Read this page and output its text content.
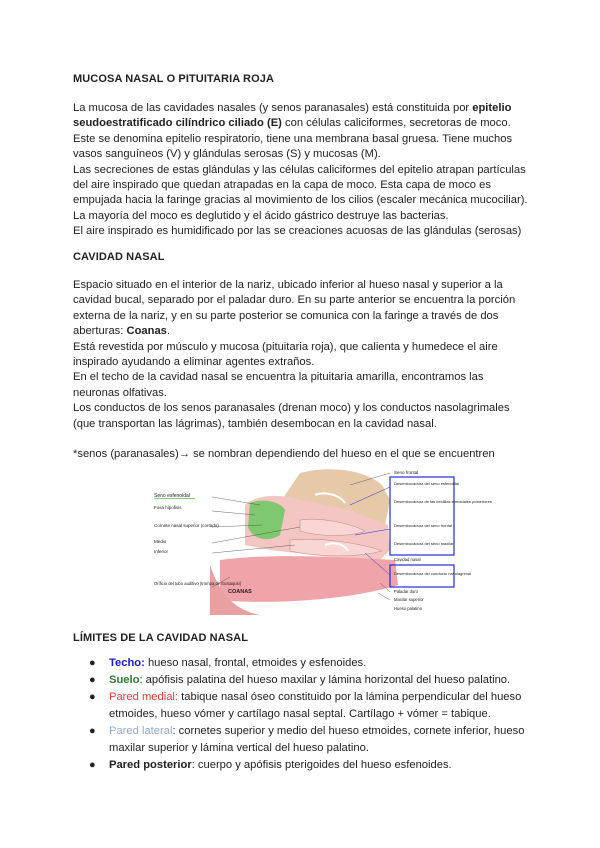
MUCOSA NASAL O PITUITARIA ROJA

La mucosa de las cavidades nasales (y senos paranasales) está constituida por epitelio seudoestratificado cilíndrico ciliado (E) con células caliciformes, secretoras de moco. Este se denomina epitelio respiratorio, tiene una membrana basal gruesa. Tiene muchos vasos sanguíneos (V) y glándulas serosas (S) y mucosas (M).

Las secreciones de estas glándulas y las células caliciformes del epitelio atrapan partículas del aire inspirado que quedan atrapadas en la capa de moco. Esta capa de moco es empujada hacia la faringe gracias al movimiento de los cilios (escaler mecánica mucociliar).

La mayoría del moco es deglutido y el ácido gástrico destruye las bacterias.

El aire inspirado es humidificado por las se creaciones acuosas de las glándulas (serosas)

CAVIDAD NASAL

Espacio situado en el interior de la nariz, ubicado inferior al hueso nasal y superior a la cavidad bucal, separado por el paladar duro. En su parte anterior se encuentra la porción externa de la nariz, y en su parte posterior se comunica con la faringe a través de dos aberturas: Coanas.

Está revestida por músculo y mucosa (pituitaria roja), que calienta y humedece el aire inspirado ayudando a eliminar agentes extraños.

En el techo de la cavidad nasal se encuentra la pituitaria amarilla, encontramos las neuronas olfativas.

Los conductos de los senos paranasales (drenan moco) y los conductos nasolagrimales (que transportan las lágrimas), también desembocan en la cavidad nasal.

*senos (paranasales)→ se nombran dependiendo del hueso en el que se encuentren

Seno esfenoidal
Fosa hipofisis
Cornete nasal superior (cortado)
Medio
Inferior
Orificio del tubo auditivo (trompa de Eustaquio)
COANAS
Seno frontal
Desembocadura del seno esfenoidal
Desembocadura de las celdillas etmoidales posteriores
Desembocadura del seno frontal
Desembocadura del seno maxilar
Cavidad nasal
Desembocadura del conducto nasolagrimal
Paladar duro
Maxilar superior
Hueso palatino
LÍMITES DE LA CAVIDAD NASAL
● Techo: hueso nasal, frontal, etmoides y esfenoides.
● Suelo: apófisis palatina del hueso maxilar y lámina horizontal del hueso palatino.
● Pared medial: tabique nasal óseo constituido por la lámina perpendicular del hueso etmoides, hueso vómer y cartílago nasal septal. Cartílago + vómer = tabique.
● Pared lateral: cornetes superior y medio del hueso etmoides, cornete inferior, hueso maxilar superior y lámina vertical del hueso palatino.
● Pared posterior: cuerpo y apófisis pterigoides del hueso esfenoides.
